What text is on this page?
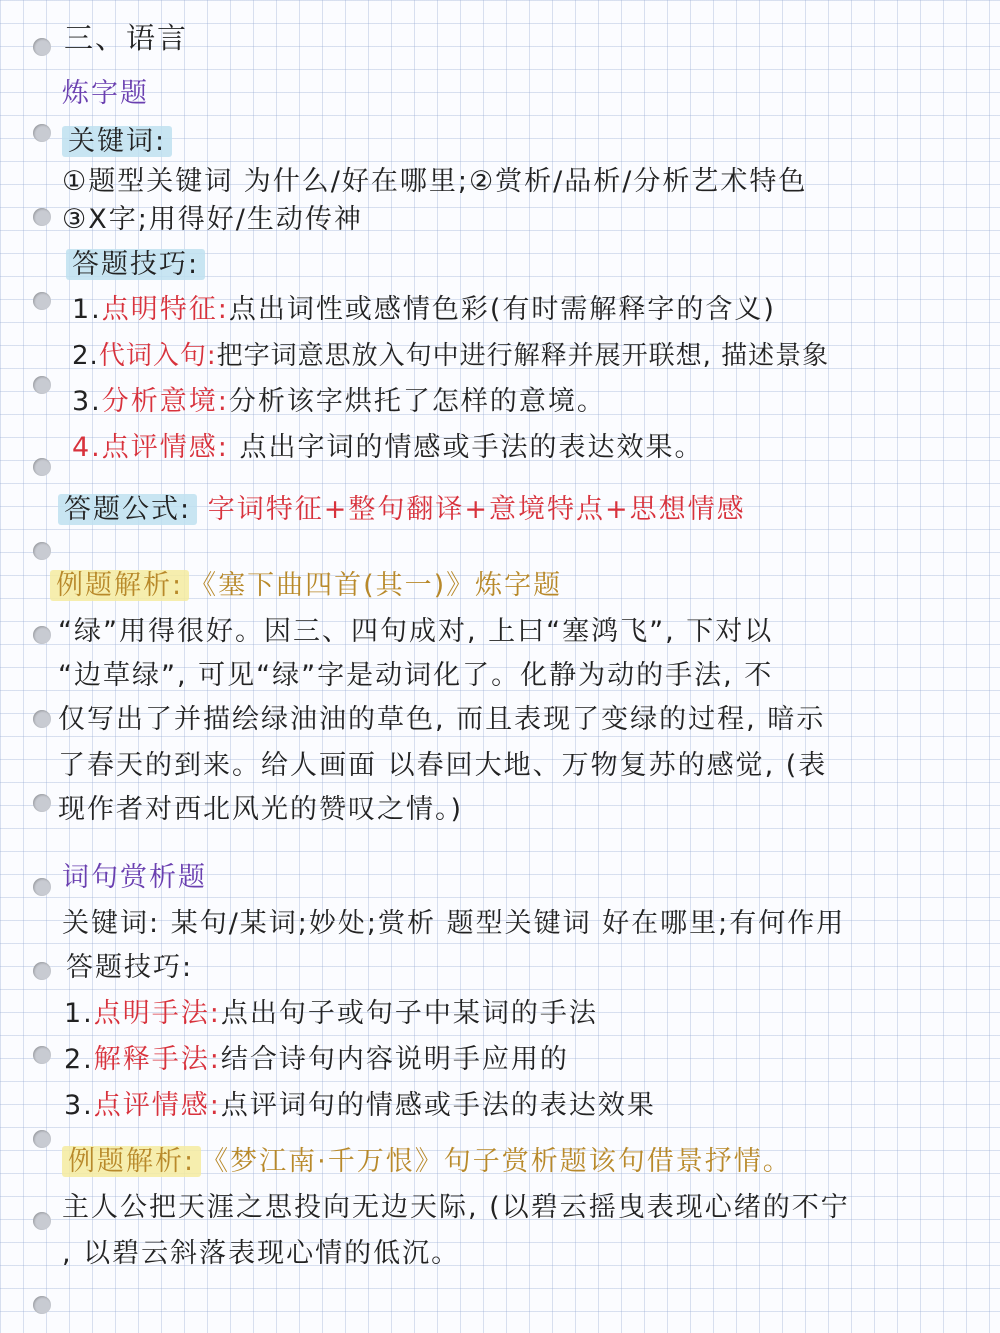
三、语言
炼字题
关键词:
①题型关键词 为什么/好在哪里;②赏析/品析/分析艺术特色
③X字;用得好/生动传神
答题技巧:
1.点明特征:点出词性或感情色彩(有时需解释字的含义)
2.代词入句:把字词意思放入句中进行解释并展开联想, 描述景象
3.分析意境:分析该字烘托了怎样的意境。
4.点评情感: 点出字词的情感或手法的表达效果。
答题公式: 字词特征+整句翻译+意境特点+思想情感
例题解析: 《塞下曲四首(其一)》炼字题
“绿”用得很好。因三、四句成对, 上曰“塞鸿飞”, 下对以
“边草绿”, 可见“绿”字是动词化了。化静为动的手法, 不
仅写出了并描绘绿油油的草色, 而且表现了变绿的过程, 暗示
了春天的到来。给人画面 以春回大地、万物复苏的感觉, (表
现作者对西北风光的赞叹之情。)
词句赏析题
关键词: 某句/某词;妙处;赏析 题型关键词 好在哪里;有何作用
答题技巧:
1.点明手法:点出句子或句子中某词的手法
2.解释手法:结合诗句内容说明手应用的
3.点评情感:点评词句的情感或手法的表达效果
例题解析: 《梦江南·千万恨》句子赏析题该句借景抒情。
主人公把天涯之思投向无边天际, (以碧云摇曳表现心绪的不宁
, 以碧云斜落表现心情的低沉。
